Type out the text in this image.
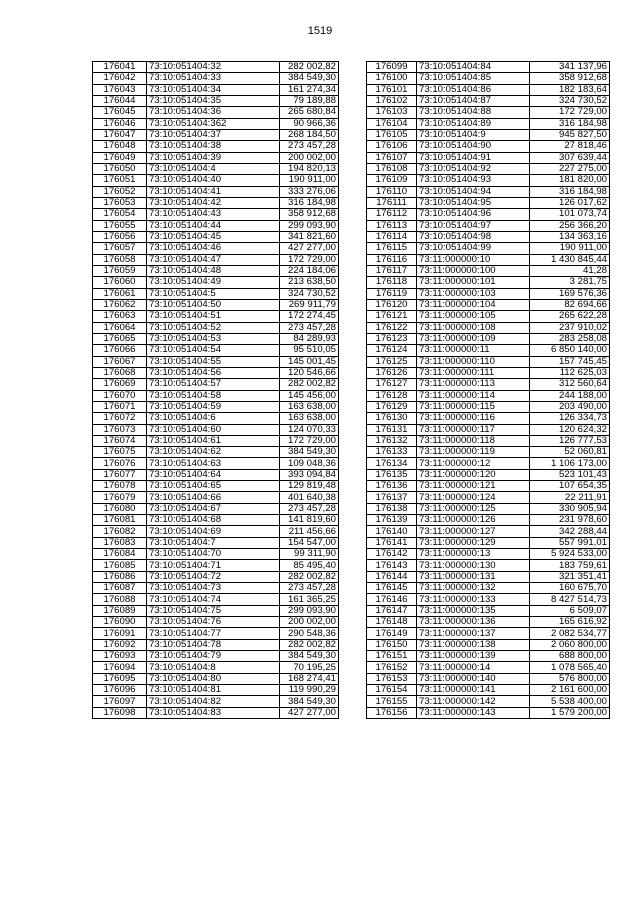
1519
176041	73:10:051404:32	282 002,82
176042	73:10:051404:33	384 549,30
176043	73:10:051404:34	161 274,34
176044	73:10:051404:35	79 189,88
176045	73:10:051404:36	265 680,84
176046	73:10:051404:362	90 966,36
176047	73:10:051404:37	268 184,50
176048	73:10:051404:38	273 457,28
176049	73:10:051404:39	200 002,00
176050	73:10:051404:4	194 820,13
176051	73:10:051404:40	190 911,00
176052	73:10:051404:41	333 276,06
176053	73:10:051404:42	316 184,98
176054	73:10:051404:43	358 912,68
176055	73:10:051404:44	299 093,90
176056	73:10:051404:45	341 821,60
176057	73:10:051404:46	427 277,00
176058	73:10:051404:47	172 729,00
176059	73:10:051404:48	224 184,06
176060	73:10:051404:49	213 638,50
176061	73:10:051404:5	324 730,52
176062	73:10:051404:50	269 911,79
176063	73:10:051404:51	172 274,45
176064	73:10:051404:52	273 457,28
176065	73:10:051404:53	84 289,93
176066	73:10:051404:54	95 510,05
176067	73:10:051404:55	145 001,45
176068	73:10:051404:56	120 546,66
176069	73:10:051404:57	282 002,82
176070	73:10:051404:58	145 456,00
176071	73:10:051404:59	163 638,00
176072	73:10:051404:6	163 638,00
176073	73:10:051404:60	124 070,33
176074	73:10:051404:61	172 729,00
176075	73:10:051404:62	384 549,30
176076	73:10:051404:63	109 048,36
176077	73:10:051404:64	393 094,84
176078	73:10:051404:65	129 819,48
176079	73:10:051404:66	401 640,38
176080	73:10:051404:67	273 457,28
176081	73:10:051404:68	141 819,60
176082	73:10:051404:69	211 456,66
176083	73:10:051404:7	154 547,00
176084	73:10:051404:70	99 311,90
176085	73:10:051404:71	85 495,40
176086	73:10:051404:72	282 002,82
176087	73:10:051404:73	273 457,28
176088	73:10:051404:74	161 365,25
176089	73:10:051404:75	299 093,90
176090	73:10:051404:76	200 002,00
176091	73:10:051404:77	290 548,36
176092	73:10:051404:78	282 002,82
176093	73:10:051404:79	384 549,30
176094	73:10:051404:8	70 195,25
176095	73:10:051404:80	168 274,41
176096	73:10:051404:81	119 990,29
176097	73:10:051404:82	384 549,30
176098	73:10:051404:83	427 277,00
176099	73:10:051404:84	341 137,96
176100	73:10:051404:85	358 912,68
176101	73:10:051404:86	182 183,64
176102	73:10:051404:87	324 730,52
176103	73:10:051404:88	172 729,00
176104	73:10:051404:89	316 184,98
176105	73:10:051404:9	945 827,50
176106	73:10:051404:90	27 818,46
176107	73:10:051404:91	307 639,44
176108	73:10:051404:92	227 275,00
176109	73:10:051404:93	181 820,00
176110	73:10:051404:94	316 184,98
176111	73:10:051404:95	126 017,62
176112	73:10:051404:96	101 073,74
176113	73:10:051404:97	256 366,20
176114	73:10:051404:98	134 363,16
176115	73:10:051404:99	190 911,00
176116	73:11:000000:10	1 430 845,44
176117	73:11:000000:100	41,28
176118	73:11:000000:101	3 281,75
176119	73:11:000000:103	169 576,36
176120	73:11:000000:104	82 694,66
176121	73:11:000000:105	265 622,28
176122	73:11:000000:108	237 910,02
176123	73:11:000000:109	283 258,08
176124	73:11:000000:11	6 850 140,00
176125	73:11:000000:110	157 745,45
176126	73:11:000000:111	112 625,03
176127	73:11:000000:113	312 560,64
176128	73:11:000000:114	244 188,00
176129	73:11:000000:115	203 490,00
176130	73:11:000000:116	126 334,73
176131	73:11:000000:117	120 624,32
176132	73:11:000000:118	126 777,53
176133	73:11:000000:119	52 060,81
176134	73:11:000000:12	1 106 173,00
176135	73:11:000000:120	523 101,43
176136	73:11:000000:121	107 654,35
176137	73:11:000000:124	22 211,91
176138	73:11:000000:125	330 905,94
176139	73:11:000000:126	231 978,60
176140	73:11:000000:127	342 288,44
176141	73:11:000000:129	557 991,01
176142	73:11:000000:13	5 924 533,00
176143	73:11:000000:130	183 759,61
176144	73:11:000000:131	321 351,41
176145	73:11:000000:132	160 675,70
176146	73:11:000000:133	8 427 514,73
176147	73:11:000000:135	6 509,07
176148	73:11:000000:136	165 616,92
176149	73:11:000000:137	2 082 534,77
176150	73:11:000000:138	2 060 800,00
176151	73:11:000000:139	688 800,00
176152	73:11:000000:14	1 078 565,40
176153	73:11:000000:140	576 800,00
176154	73:11:000000:141	2 161 600,00
176155	73:11:000000:142	5 538 400,00
176156	73:11:000000:143	1 579 200,00
